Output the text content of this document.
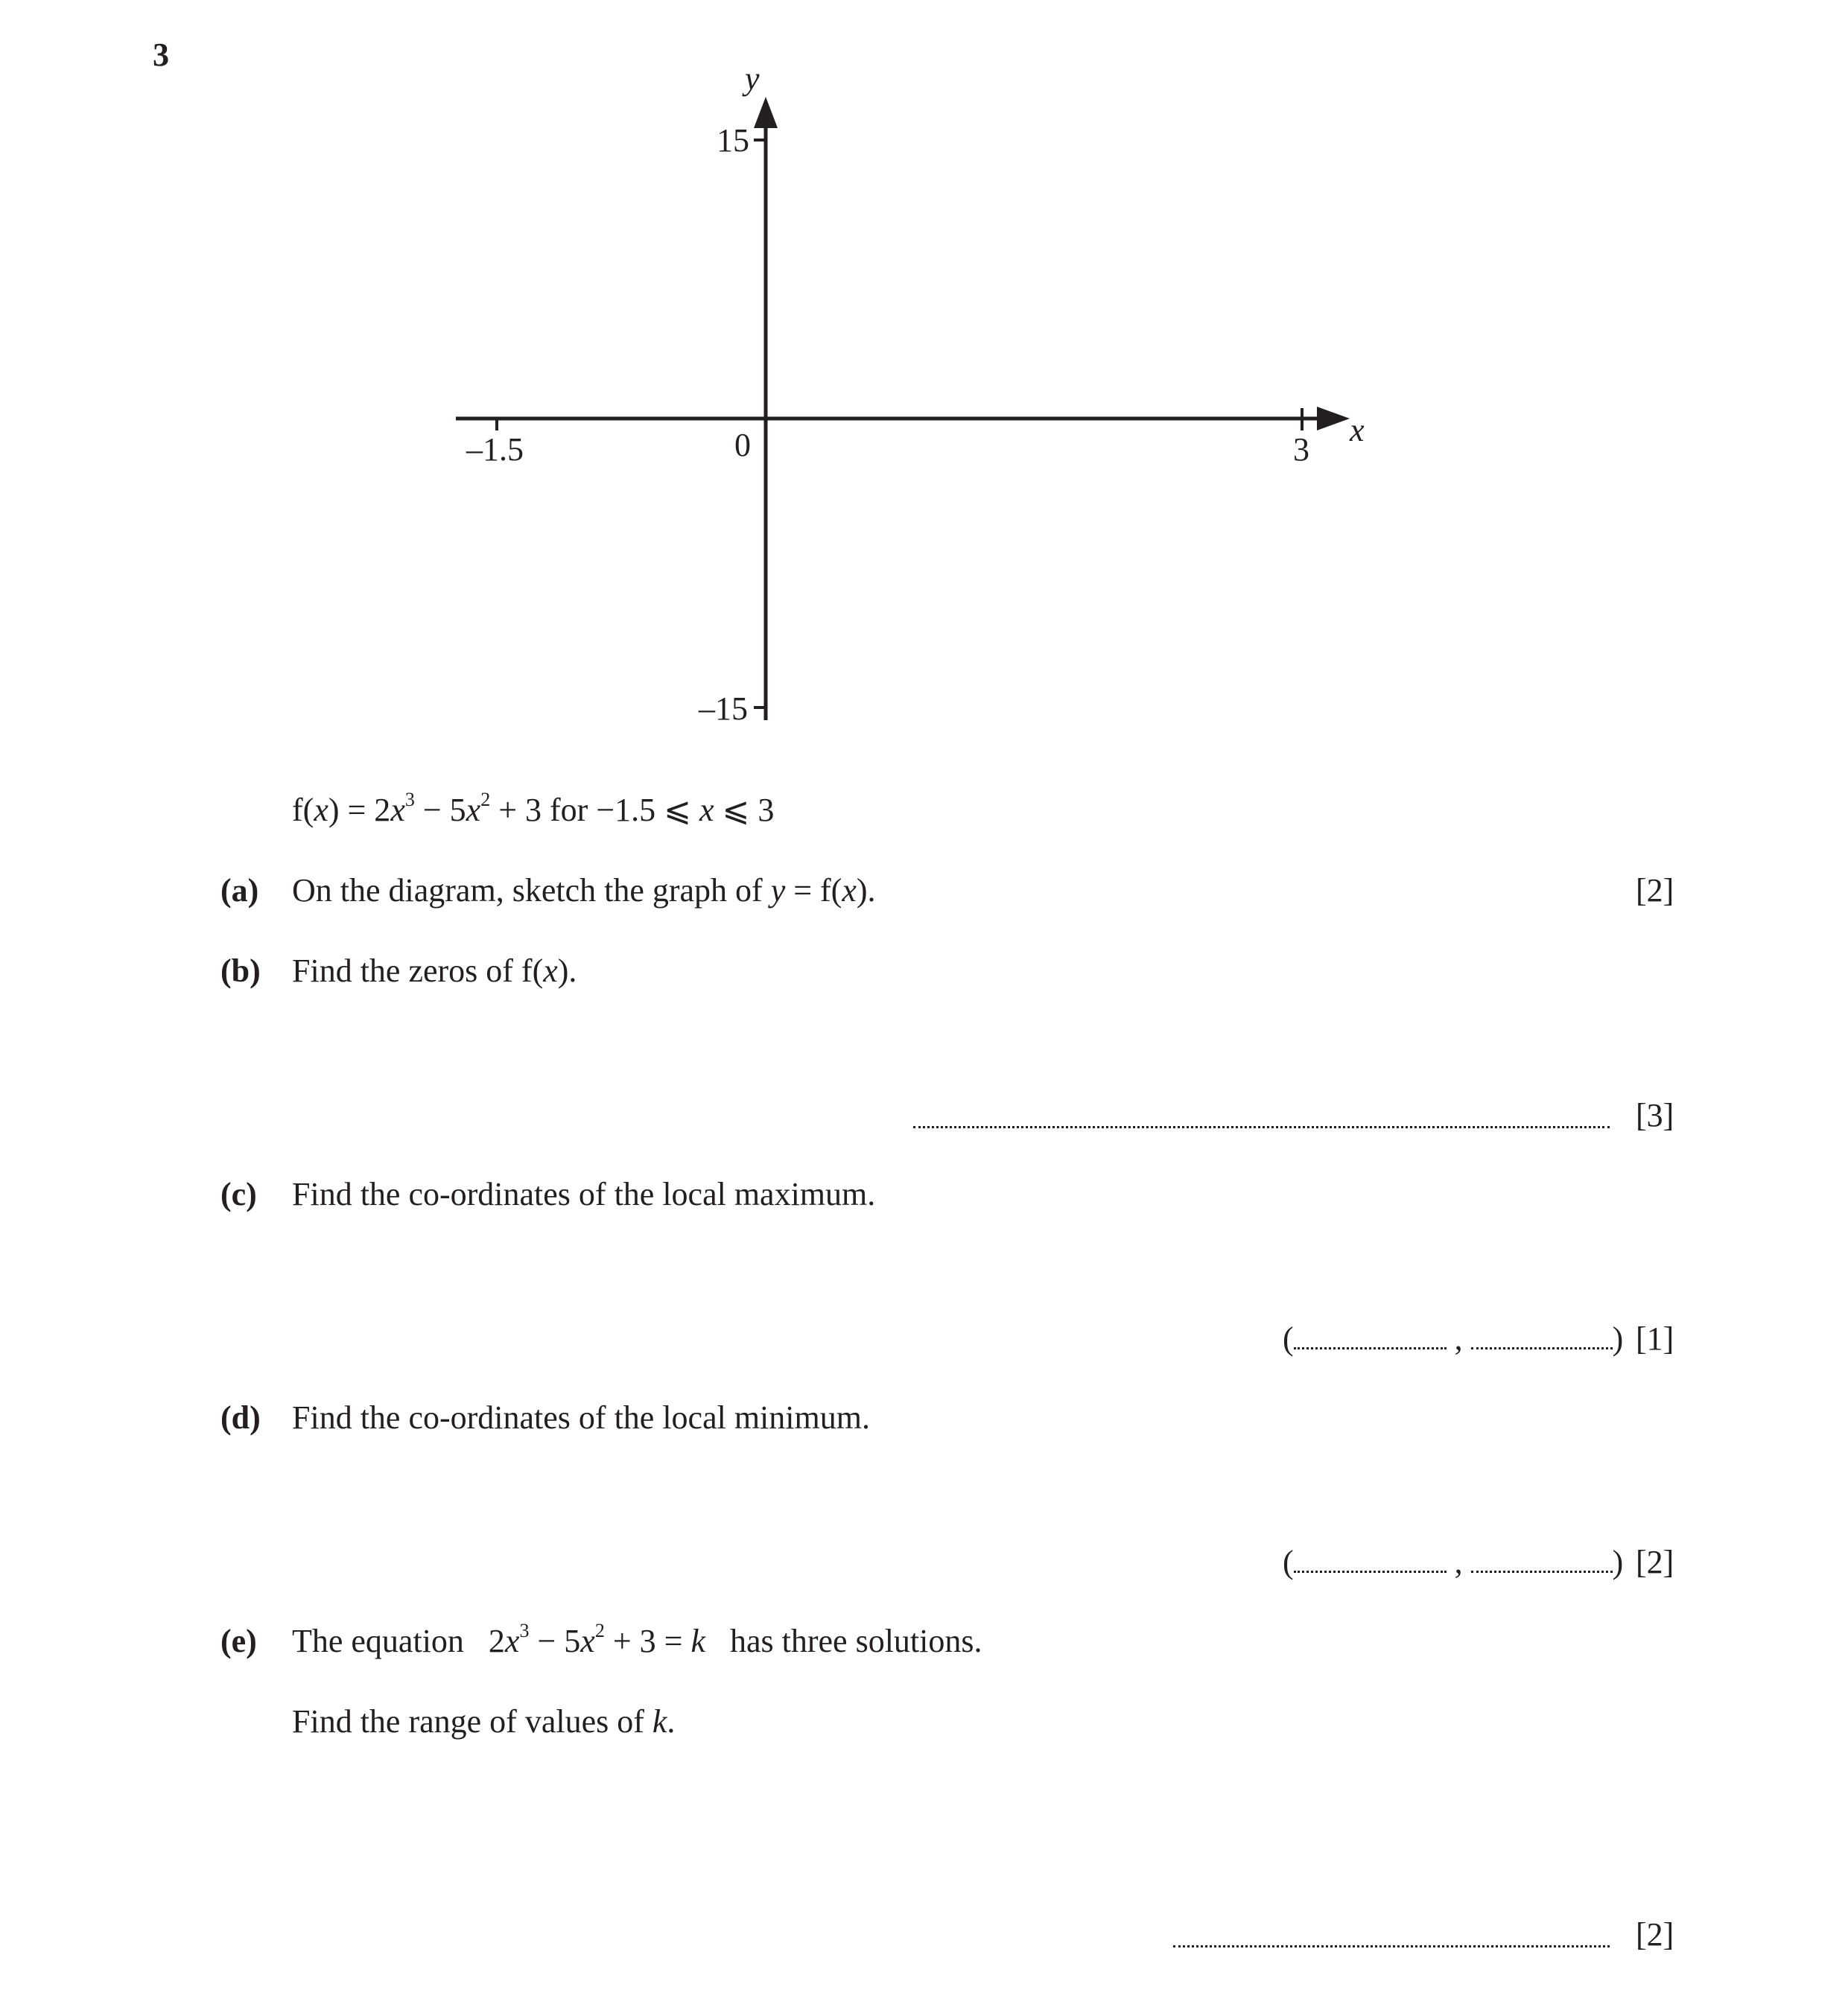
3
x
y
–1.5	0	3
15
–15
$f(x) = 2x^3 - 5x^2 + 3$ for −1.5 ⩽ x ⩽ 3
(a) On the diagram, sketch the graph of y = f(x).	[2]
(b) Find the zeros of f(x).
[3]
(c) Find the co-ordinates of the local maximum.
(	,	) [1]
(d) Find the co-ordinates of the local minimum.
(	,	) [2]
(e) The equation   $2x^3 - 5x^2 + 3 = k$   has three solutions.
Find the range of values of k.
[2]
